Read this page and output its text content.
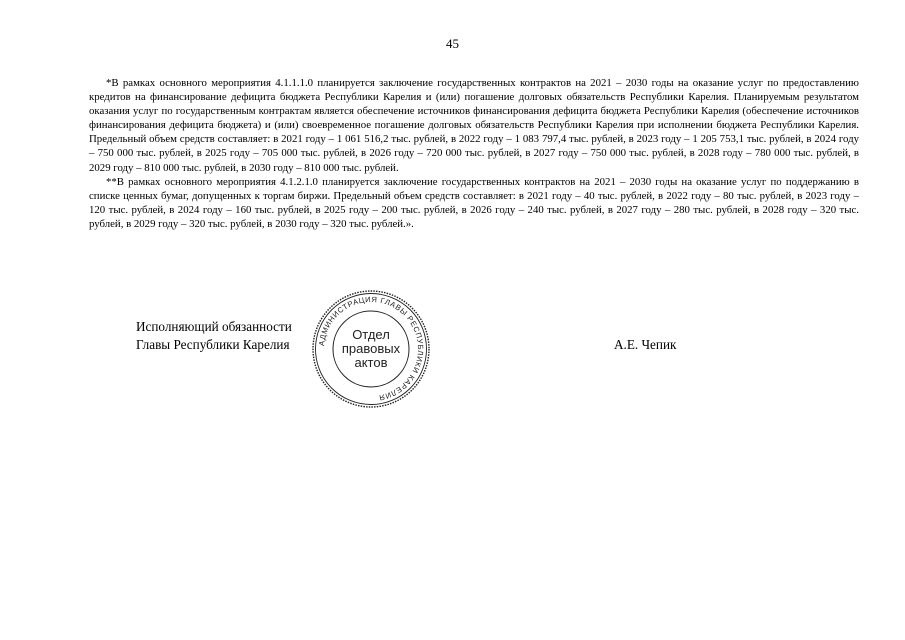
45

*В рамках основного мероприятия 4.1.1.1.0 планируется заключение государственных контрактов на 2021 – 2030 годы на оказание услуг по предоставлению кредитов на финансирование дефицита бюджета Республики Карелия и (или) погашение долговых обязательств Республики Карелия. Планируемым результатом оказания услуг по государственным контрактам является обеспечение источников финансирования дефицита бюджета Республики Карелия (обеспечение источников финансирования дефицита бюджета) и (или) своевременное погашение долговых обязательств Республики Карелия при исполнении бюджета Республики Карелия. Предельный объем средств составляет: в 2021 году – 1 061 516,2 тыс. рублей, в 2022 году – 1 083 797,4 тыс. рублей, в 2023 году – 1 205 753,1 тыс. рублей, в 2024 году – 750 000 тыс. рублей, в 2025 году – 705 000 тыс. рублей, в 2026 году – 720 000 тыс. рублей, в 2027 году – 750 000 тыс. рублей, в 2028 году – 780 000 тыс. рублей, в 2029 году – 810 000 тыс. рублей, в 2030 году – 810 000 тыс. рублей.

**В рамках основного мероприятия 4.1.2.1.0 планируется заключение государственных контрактов на 2021 – 2030 годы на оказание услуг по поддержанию в списке ценных бумаг, допущенных к торгам биржи. Предельный объем средств составляет: в 2021 году – 40 тыс. рублей, в 2022 году – 80 тыс. рублей, в 2023 году – 120 тыс. рублей, в 2024 году – 160 тыс. рублей, в 2025 году – 200 тыс. рублей, в 2026 году – 240 тыс. рублей, в 2027 году – 280 тыс. рублей, в 2028 году – 320 тыс. рублей, в 2029 году – 320 тыс. рублей, в 2030 году – 320 тыс. рублей.».

Исполняющий обязанности
Главы Республики Карелия	А.Е. Чепик
АДМИНИСТРАЦИЯ ГЛАВЫ РЕСПУБЛИКИ КАРЕЛИЯ
Отдел
правовых
актов
